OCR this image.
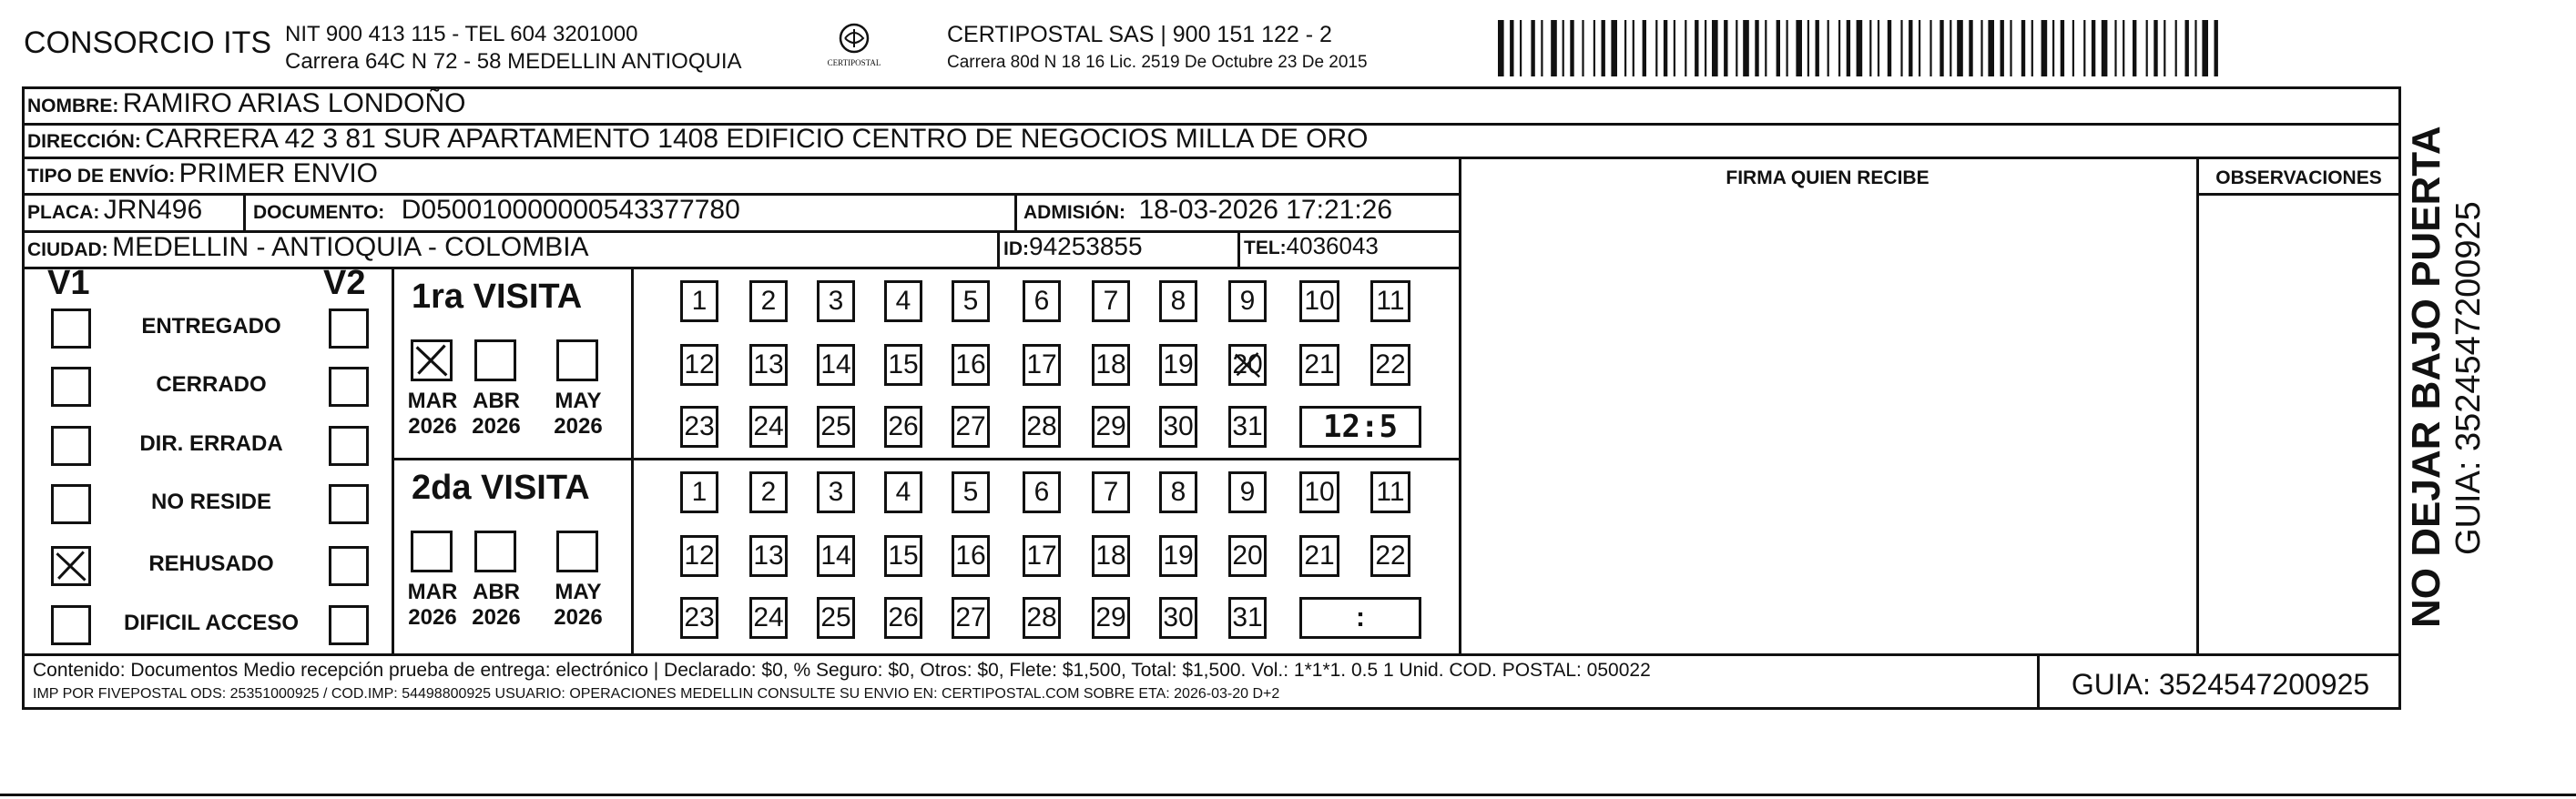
CONSORCIO ITS NIT 900 413 115 - TEL 604 3201000
Carrera 64C N 72 - 58 MEDELLIN ANTIOQUIA	CERTIPOSTAL
CERTIPOSTAL SAS | 900 151 122 - 2
Carrera 80d N 18 16 Lic. 2519 De Octubre 23 De 2015
NOMBRE: RAMIRO ARIAS LONDOÑO
DIRECCIÓN: CARRERA 42 3 81 SUR APARTAMENTO 1408 EDIFICIO CENTRO DE NEGOCIOS MILLA DE ORO
TIPO DE ENVÍO: PRIMER ENVIO
PLACA: JRN496	DOCUMENTO: D050010000000543377780	ADMISIÓN: 18-03-2026 17:21:26
CIUDAD: MEDELLIN - ANTIOQUIA - COLOMBIA	ID:94253855	TEL:4036043
FIRMA QUIEN RECIBE	OBSERVACIONES
V1	V2
ENTREGADO
CERRADO
DIR. ERRADA
NO RESIDE
REHUSADO
DIFICIL ACCESO
1ra VISITA
MAR
2026
ABR
2026
MAY
2026
1	2	3	4	5	6	7	8	9	10 11
12 13 14 15 16 17 18 19 20 21 22
23 24 25 26 27 28 29 30 31	12:5
2da VISITA
MAR
2026
ABR
2026
MAY
2026
1	2	3	4	5	6	7	8	9	10 11
12 13 14 15 16 17 18 19 20 21 22
23 24 25 26 27 28 29 30 31	:
Contenido: Documentos Medio recepción prueba de entrega: electrónico | Declarado: $0, % Seguro: $0, Otros: $0, Flete: $1,500, Total: $1,500. Vol.: 1*1*1. 0.5 1 Unid. COD. POSTAL: 050022
IMP POR FIVEPOSTAL ODS: 25351000925 / COD.IMP: 54498800925 USUARIO: OPERACIONES MEDELLIN CONSULTE SU ENVIO EN: CERTIPOSTAL.COM SOBRE ETA: 2026-03-20 D+2	GUIA: 3524547200925
NO DEJAR BAJO PUERTA GUIA: 3524547200925
